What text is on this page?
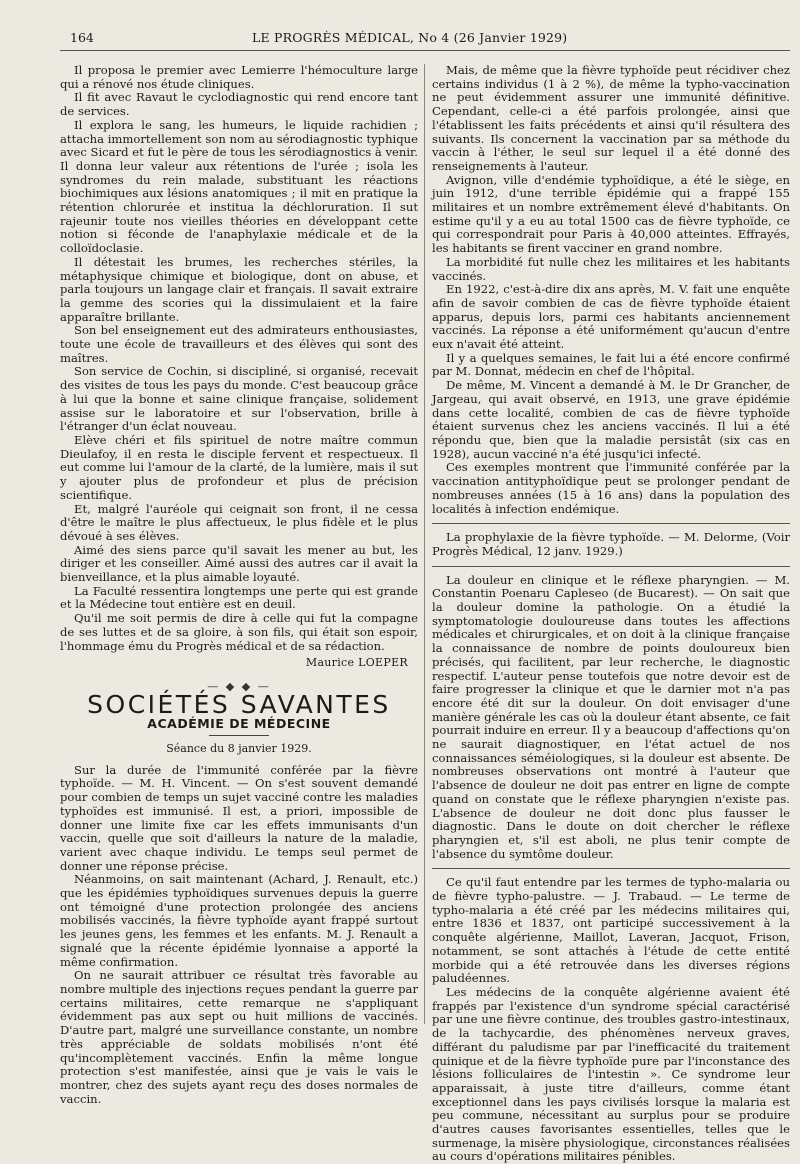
164	LE PROGRÈS MÉDICAL, No 4 (26 Janvier 1929)

Il proposa le premier avec Lemierre l'hémoculture large qui a rénové nos étude cliniques.

Il fit avec Ravaut le cyclodiagnostic qui rend encore tant de services.

Il explora le sang, les humeurs, le liquide rachidien ; attacha immortellement son nom au sérodiagnostic typhique avec Sicard et fut le père de tous les sérodiagnostics à venir. Il donna leur valeur aux rétentions de l'urée ; isola les syndromes du rein malade, substituant les réactions biochimiques aux lésions anatomiques ; il mit en pratique la rétention chlorurée et institua la déchloruration. Il sut rajeunir toute nos vieilles théories en développant cette notion si féconde de l'anaphylaxie médicale et de la colloïdoclasie.

Il détestait les brumes, les recherches stériles, la métaphysique chimique et biologique, dont on abuse, et parla toujours un langage clair et français. Il savait extraire la gemme des scories qui la dissimulaient et la faire apparaître brillante.

Son bel enseignement eut des admirateurs enthousiastes, toute une école de travailleurs et des élèves qui sont des maîtres.

Son service de Cochin, si discipliné, si organisé, recevait des visites de tous les pays du monde. C'est beaucoup grâce à lui que la bonne et saine clinique française, solidement assise sur le laboratoire et sur l'observation, brille à l'étranger d'un éclat nouveau.

Elève chéri et fils spirituel de notre maître commun Dieulafoy, il en resta le disciple fervent et respectueux. Il eut comme lui l'amour de la clarté, de la lumière, mais il sut y ajouter plus de profondeur et plus de précision scientifique.

Et, malgré l'auréole qui ceignait son front, il ne cessa d'être le maître le plus affectueux, le plus fidèle et le plus dévoué à ses élèves.

Aimé des siens parce qu'il savait les mener au but, les diriger et les conseiller. Aimé aussi des autres car il avait la bienveillance, et la plus aimable loyauté.

La Faculté ressentira longtemps une perte qui est grande et la Médecine tout entière est en deuil.

Qu'il me soit permis de dire à celle qui fut la compagne de ses luttes et de sa gloire, à son fils, qui était son espoir, l'hommage ému du Progrès médical et de sa rédaction.

Maurice LOEPER
— ◆ ◆ —
SOCIÉTÉS SAVANTES
ACADÉMIE DE MÉDECINE
Séance du 8 janvier 1929.

Sur la durée de l'immunité conférée par la fièvre typhoïde. — M. H. Vincent. — On s'est souvent demandé pour combien de temps un sujet vacciné contre les maladies typhoïdes est immunisé. Il est, a priori, impossible de donner une limite fixe car les effets immunisants d'un vaccin, quelle que soit d'ailleurs la nature de la maladie, varient avec chaque individu. Le temps seul permet de donner une réponse précise.

Néanmoins, on sait maintenant (Achard, J. Renault, etc.) que les épidémies typhoïdiques survenues depuis la guerre ont témoigné d'une protection prolongée des anciens mobilisés vaccinés, la fièvre typhoïde ayant frappé surtout les jeunes gens, les femmes et les enfants. M. J. Renault a signalé que la récente épidémie lyonnaise a apporté la même confirmation.

On ne saurait attribuer ce résultat très favorable au nombre multiple des injections reçues pendant la guerre par certains militaires, cette remarque ne s'appliquant évidemment pas aux sept ou huit millions de vaccinés. D'autre part, malgré une surveillance constante, un nombre très appréciable de soldats mobilisés n'ont été qu'incomplètement vaccinés. Enfin la même longue protection s'est manifestée, ainsi que je vais le vais le montrer, chez des sujets ayant reçu des doses normales de vaccin.

Mais, de même que la fièvre typhoïde peut récidiver chez certains individus (1 à 2 %), de même la typho-vaccination ne peut évidemment assurer une immunité définitive. Cependant, celle-ci a été parfois prolongée, ainsi que l'établissent les faits précédents et ainsi qu'il résultera des suivants. Ils concernent la vaccination par sa méthode du vaccin à l'éther, le seul sur lequel il a été donné des renseignements à l'auteur.

Avignon, ville d'endémie typhoïdique, a été le siège, en juin 1912, d'une terrible épidémie qui a frappé 155 militaires et un nombre extrêmement élevé d'habitants. On estime qu'il y a eu au total 1500 cas de fièvre typhoïde, ce qui correspondrait pour Paris à 40,000 atteintes. Effrayés, les habitants se firent vacciner en grand nombre.

La morbidité fut nulle chez les militaires et les habitants vaccinés.

En 1922, c'est-à-dire dix ans après, M. V. fait une enquête afin de savoir combien de cas de fièvre typhoïde étaient apparus, depuis lors, parmi ces habitants anciennement vaccinés. La réponse a été uniformément qu'aucun d'entre eux n'avait été atteint.

Il y a quelques semaines, le fait lui a été encore confirmé par M. Donnat, médecin en chef de l'hôpital.

De même, M. Vincent a demandé à M. le Dr Grancher, de Jargeau, qui avait observé, en 1913, une grave épidémie dans cette localité, combien de cas de fièvre typhoïde étaient survenus chez les anciens vaccinés. Il lui a été répondu que, bien que la maladie persistât (six cas en 1928), aucun vacciné n'a été jusqu'ici infecté.

Ces exemples montrent que l'immunité conférée par la vaccination antityphoïdique peut se prolonger pendant de nombreuses années (15 à 16 ans) dans la population des localités à infection endémique.

La prophylaxie de la fièvre typhoïde. — M. Delorme, (Voir Progrès Médical, 12 janv. 1929.)

La douleur en clinique et le réflexe pharyngien. — M. Constantin Poenaru Capleseo (de Bucarest). — On sait que la douleur domine la pathologie. On a étudié la symptomatologie douloureuse dans toutes les affections médicales et chirurgicales, et on doit à la clinique française la connaissance de nombre de points douloureux bien précisés, qui facilitent, par leur recherche, le diagnostic respectif. L'auteur pense toutefois que notre devoir est de faire progresser la clinique et que le darnier mot n'a pas encore été dit sur la douleur. On doit envisager d'une manière générale les cas où la douleur étant absente, ce fait pourrait induire en erreur. Il y a beaucoup d'affections qu'on ne saurait diagnostiquer, en l'état actuel de nos connaissances séméiologiques, si la douleur est absente. De nombreuses observations ont montré à l'auteur que l'absence de douleur ne doit pas entrer en ligne de compte quand on constate que le réflexe pharyngien n'existe pas. L'absence de douleur ne doit donc plus fausser le diagnostic. Dans le doute on doit chercher le réflexe pharyngien et, s'il est aboli, ne plus tenir compte de l'absence du symtôme douleur.

Ce qu'il faut entendre par les termes de typho-malaria ou de fièvre typho-palustre. — J. Trabaud. — Le terme de typho-malaria a été créé par les médecins militaires qui, entre 1836 et 1837, ont participé successivement à la conquête algérienne, Maillot, Laveran, Jacquot, Frison, notamment, se sont attachés à l'étude de cette entité morbide qui a été retrouvée dans les diverses régions paludéennes.

Les médecins de la conquête algérienne avaient été frappés par l'existence d'un syndrome spécial caractérisé par une une fièvre continue, des troubles gastro-intestinaux, de la tachycardie, des phénomènes nerveux graves, différant du paludisme par par l'inefficacité du traitement quinique et de la fièvre typhoïde pure par l'inconstance des lésions folliculaires de l'intestin ». Ce syndrome leur apparaissait, à juste titre d'ailleurs, comme étant exceptionnel dans les pays civilisés lorsque la malaria est peu commune, nécessitant au surplus pour se produire d'autres causes favorisantes essentielles, telles que le surmenage, la misère physiologique, circonstances réalisées au cours d'opérations militaires pénibles.
